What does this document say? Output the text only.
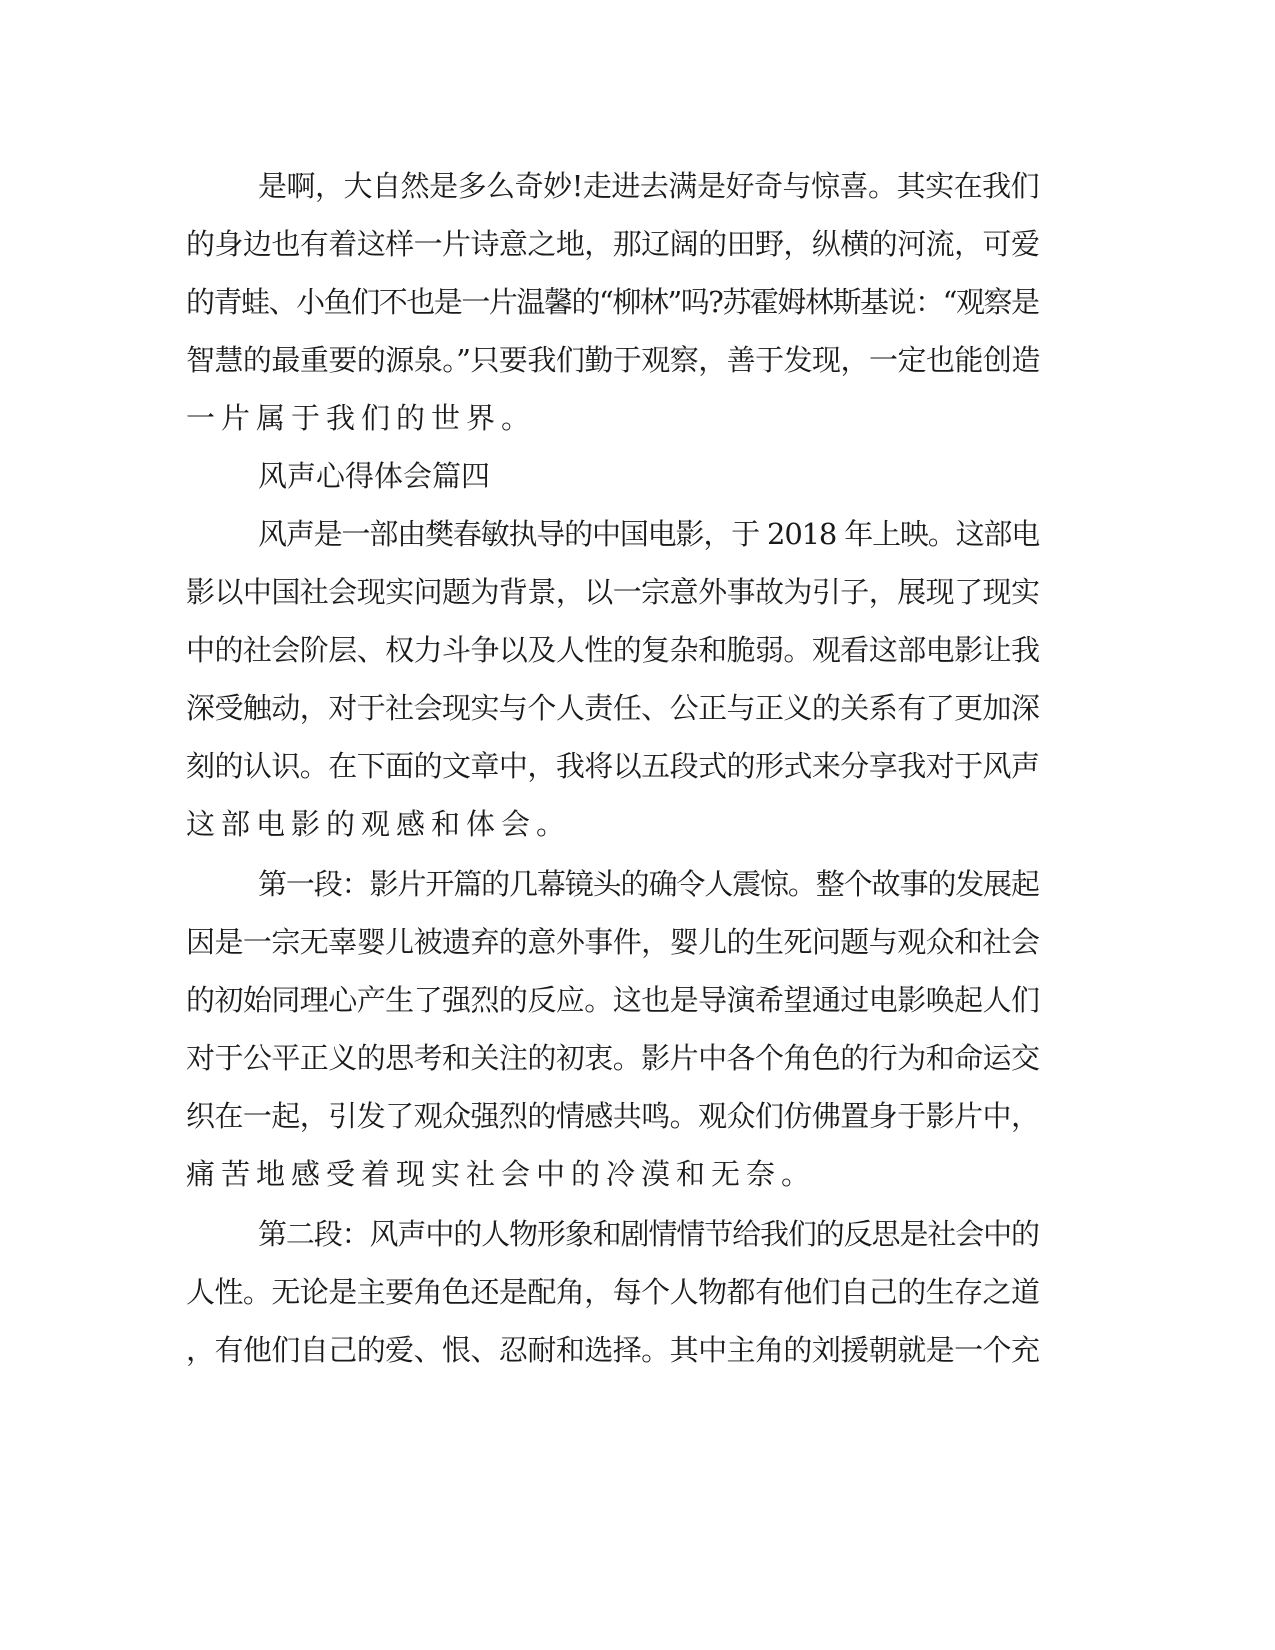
是啊，大自然是多么奇妙!走进去满是好奇与惊喜。其实在我们
的身边也有着这样一片诗意之地，那辽阔的田野，纵横的河流，可爱
的青蛙、小鱼们不也是一片温馨的“柳林”吗?苏霍姆林斯基说：“观察是
智慧的最重要的源泉。”只要我们勤于观察，善于发现，一定也能创造
一片属于我们的世界。
风声心得体会篇四
风声是一部由樊春敏执导的中国电影，于 2018 年上映。这部电
影以中国社会现实问题为背景，以一宗意外事故为引子，展现了现实
中的社会阶层、权力斗争以及人性的复杂和脆弱。观看这部电影让我
深受触动，对于社会现实与个人责任、公正与正义的关系有了更加深
刻的认识。在下面的文章中，我将以五段式的形式来分享我对于风声
这部电影的观感和体会。
第一段：影片开篇的几幕镜头的确令人震惊。整个故事的发展起
因是一宗无辜婴儿被遗弃的意外事件，婴儿的生死问题与观众和社会
的初始同理心产生了强烈的反应。这也是导演希望通过电影唤起人们
对于公平正义的思考和关注的初衷。影片中各个角色的行为和命运交
织在一起，引发了观众强烈的情感共鸣。观众们仿佛置身于影片中，
痛苦地感受着现实社会中的冷漠和无奈。
第二段：风声中的人物形象和剧情情节给我们的反思是社会中的
人性。无论是主要角色还是配角，每个人物都有他们自己的生存之道
，有他们自己的爱、恨、忍耐和选择。其中主角的刘援朝就是一个充
